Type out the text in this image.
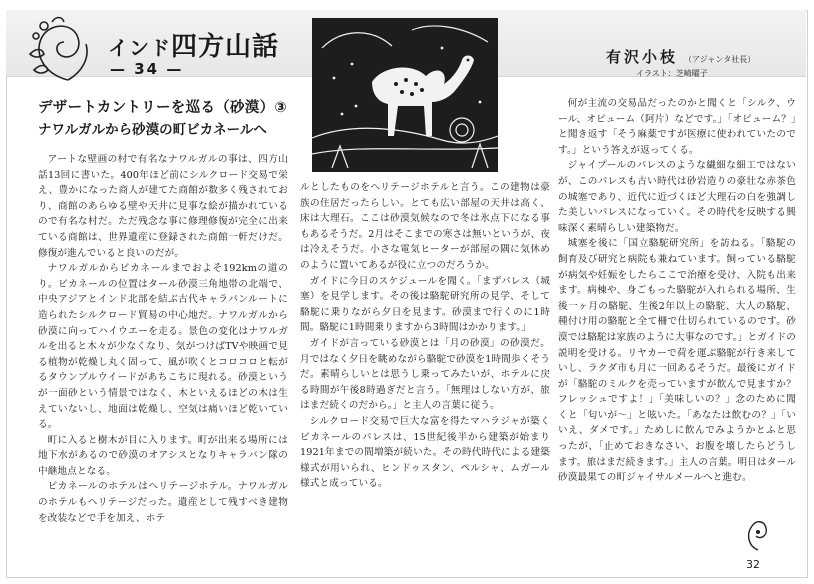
インド四方山話
— 34 —
有沢小枝 （アジャンタ社長）
イラスト：芝崎曜子
デザートカントリーを巡る（砂漠）③
ナワルガルから砂漠の町ビカネールへ

アートな壁画の村で有名なナワルガルの事は、四方山話13回に書いた。400年ほど前にシルクロード交易で栄え、豊かになった商人が建てた商館が数多く残されており、商館のあらゆる壁や天井に見事な絵が描かれているので有名な村だ。ただ残念な事に修理修復が完全に出来ている商館は、世界遺産に登録された商館一軒だけだ。修復が進んでいると良いのだが。

ナワルガルからビカネールまでおよそ192kmの道のり。ビカネールの位置はタール砂漠三角地帯の北端で、中央アジアとインド北部を結ぶ古代キャラバンルートに造られたシルクロード貿易の中心地だ。ナワルガルから砂漠に向ってハイウエーを走る。景色の変化はナワルガルを出ると木々が少なくなり、気がつけばTVや映画で見る植物が乾燥し丸く固って、風が吹くとコロコロと転がるタウンブルウイードがあちこちに現れる。砂漠というが一面砂という情景ではなく、木といえるほどの木は生えていないし、地面は乾燥し、空気は痛いほど乾いている。

町に入ると樹木が目に入ります。町が出来る場所には地下水があるので砂漠のオアシスとなりキャラバン隊の中継地点となる。

ビカネールのホテルはヘリテージホテル。ナワルガルのホテルもヘリテージだった。遺産として残すべき建物を改装などで手を加え、ホテ

ルとしたものをヘリテージホテルと言う。この建物は豪族の住居だったらしい。とても広い部屋の天井は高く、床は大理石。ここは砂漠気候なので冬は氷点下になる事もあるそうだ。2月はそこまでの寒さは無いというが、夜は冷えそうだ。小さな電気ヒーターが部屋の隅に気休めのように置いてあるが役に立つのだろうか。

ガイドに今日のスケジュールを聞く。「まずパレス（城塞）を見学します。その後は駱駝研究所の見学、そして駱駝に乗りながら夕日を見ます。砂漠まで行くのに1時間。駱駝に1時間乗りますから3時間はかかります。」

ガイドが言っている砂漠とは「月の砂漠」の砂漠だ。月ではなく夕日を眺めながら駱駝で砂漠を1時間歩くそうだ。素晴らしいとは思うし乗ってみたいが、ホテルに戻る時間が午後8時過ぎだと言う。「無理はしない方が、旅はまだ続くのだから。」と主人の言葉に従う。

シルクロード交易で巨大な富を得たマハラジャが築くビカネールのパレスは、15世紀後半から建築が始まり1921年までの間増築が続いた。その時代時代による建築様式が用いられ、ヒンドゥスタン、ペルシャ、ムガール様式と成っている。

何が主流の交易品だったのかと聞くと「シルク、ウール、オピューム（阿片）などです。」「オピューム？」と聞き返す「そう麻薬ですが医療に使われていたのです。」という答えが返ってくる。

ジャイプールのパレスのような繊細な細工ではないが、このパレスも古い時代は砂岩造りの豪壮な赤茶色の城塞であり、近代に近づくほど大理石の白を強調した美しいパレスになっていく。その時代を反映する興味深く素晴らしい建築物だ。

城塞を後に「国立駱駝研究所」を訪ねる。「駱駝の飼育及び研究と病院も兼ねています。飼っている駱駝が病気や妊娠をしたらここで治療を受け、入院も出来ます。病棟や、身ごもった駱駝が入れられる場所、生後一ヶ月の駱駝、生後2年以上の駱駝、大人の駱駝、種付け用の駱駝と全て柵で仕切られているのです。砂漠では駱駝は家族のように大事なのです。」とガイドの説明を受ける。リヤカーで荷を運ぶ駱駝が行き来していし、ラクダ市も月に一回あるそうだ。最後にガイドが「駱駝のミルクを売っていますが飲んで見ますか？フレッシュですよ！」「美味しいの？」念のために聞くと「匂いが～」と呟いた。「あなたは飲むの？」「いいえ、ダメです。」ためしに飲んでみようかとふと思ったが、「止めておきなさい、お腹を壊したらどうします。旅はまだ続きます。」主人の言葉。明日はタール砂漠最果ての町ジャイサルメールへと進む。

32
